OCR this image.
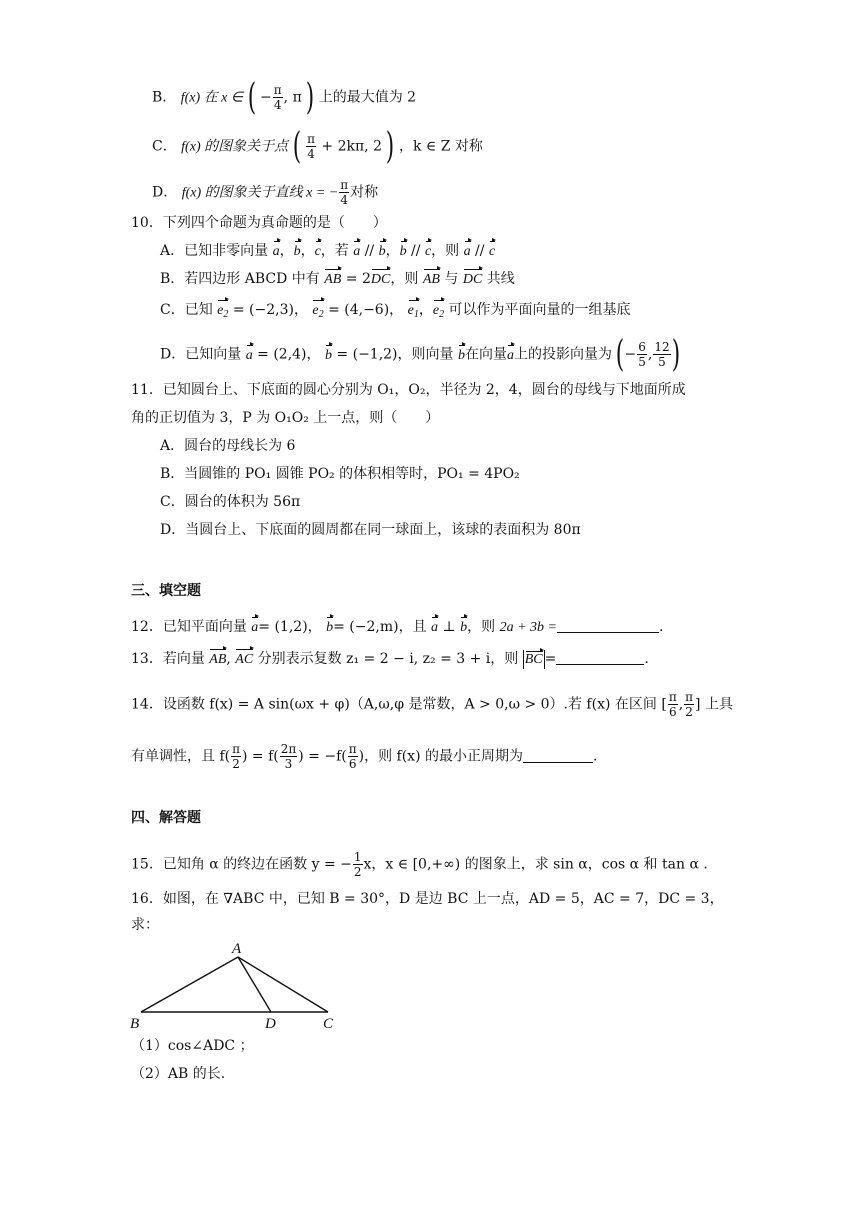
B． f(x) 在 x ∈ ( − $\frac{\pi}{4}$ , π ) 上的最大值为 2
C． f(x) 的图象关于点 ( $\frac{\pi}{4} + 2k\pi$, 2 ) ，k ∈ Z 对称
D． f(x) 的图象关于直线 x = − $\frac{\pi}{4}$ 对称
10．下列四个命题为真命题的是（　　）
A．已知非零向量 a，b，c，若 a // b，b // c，则 a // c
B．若四边形 ABCD 中有 AB = 2DC，则 AB 与 DC 共线
C．已知 $e_2 = (-2,3)$， $e_2 = (4,-6)$， $e_1$，$e_2$ 可以作为平面向量的一组基底
D．已知向量 a = (2,4)， b = (−1,2)，则向量 b在向量a上的投影向量为 (− $\frac{6}{5}$ , $\frac{12}{5}$ )
11．已知圆台上、下底面的圆心分别为 O₁，O₂，半径为 2，4，圆台的母线与下地面所成
角的正切值为 3，P 为 O₁O₂ 上一点，则（　　）
A．圆台的母线长为 6
B．当圆锥的 PO₁ 圆锥 PO₂ 的体积相等时，PO₁ = 4PO₂
C．圆台的体积为 56π
D．当圆台上、下底面的圆周都在同一球面上，该球的表面积为 80π
三、填空题
12．已知平面向量 a= (1,2)， b= (−2,m)，且 a ⊥ b，则 2a + 3b =	.
13．若向量 AB, AC 分别表示复数 z₁ = 2 − i, z₂ = 3 + i，则 BC =	.
14．设函数 f(x) = A sin(ωx + φ)（A,ω,φ 是常数，A > 0,ω > 0）.若 f(x) 在区间 [ $\frac{\pi}{6}$ , $\frac{\pi}{2}$ ] 上具
有单调性，且 $f( \frac{\pi}{2}$ ) = $f( \frac{2\pi}{3}$ ) = $-f( \frac{\pi}{6}$ )，则 f(x) 的最小正周期为	.
四、解答题
15．已知角 α 的终边在函数 y = − $\frac{1}{2}$ x，x ∈ [0,+∞) 的图象上，求 sin α，cos α 和 tan α .
16．如图，在 ∇ABC 中，已知 B = 30°，D 是边 BC 上一点，AD = 5，AC = 7，DC = 3，
求：
A
B	D	C
（1）cos∠ADC ；
（2）AB 的长.
